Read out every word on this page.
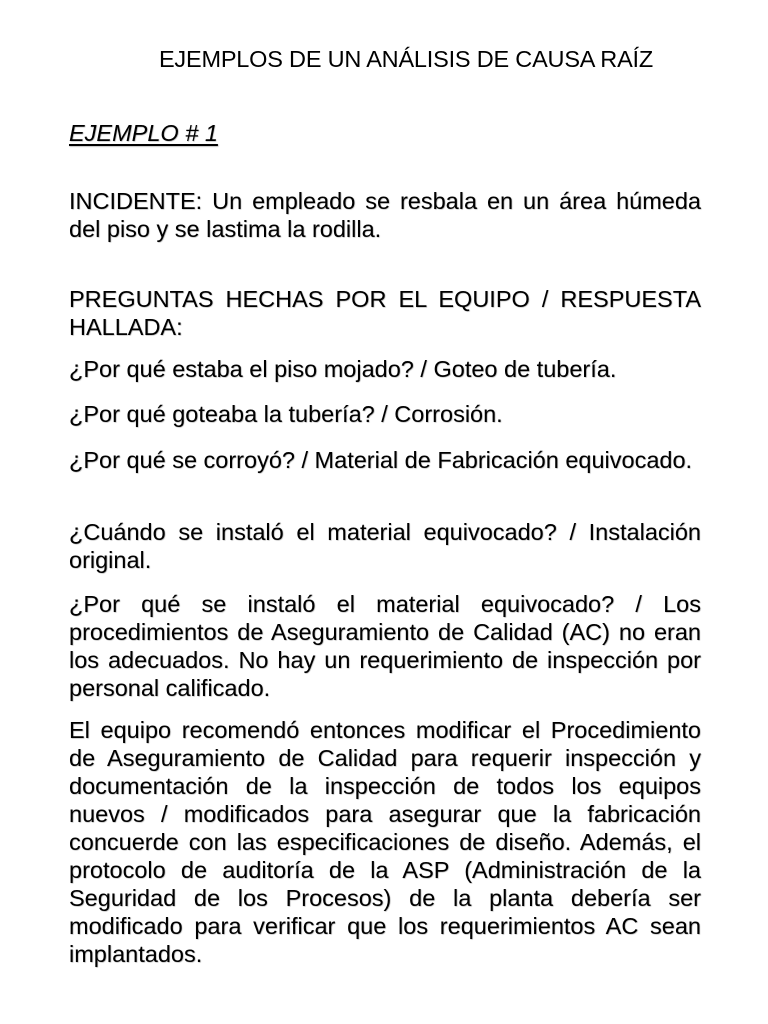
EJEMPLOS DE UN ANÁLISIS DE CAUSA RAÍZ
EJEMPLO # 1

INCIDENTE: Un empleado se resbala en un área húmeda del piso y se lastima la rodilla.

PREGUNTAS HECHAS POR EL EQUIPO / RESPUESTA HALLADA:

¿Por qué estaba el piso mojado? / Goteo de tubería.

¿Por qué goteaba la tubería? / Corrosión.

¿Por qué se corroyó? / Material de Fabricación equivocado.

¿Cuándo se instaló el material equivocado? / Instalación original.

¿Por qué se instaló el material equivocado? / Los procedimientos de Aseguramiento de Calidad (AC) no eran los adecuados. No hay un requerimiento de inspección por personal calificado.

El equipo recomendó entonces modificar el Procedimiento de Aseguramiento de Calidad para requerir inspección y documentación de la inspección de todos los equipos nuevos / modificados para asegurar que la fabricación concuerde con las especificaciones de diseño. Además, el protocolo de auditoría de la ASP (Administración de la Seguridad de los Procesos) de la planta debería ser modificado para verificar que los requerimientos AC sean implantados.
